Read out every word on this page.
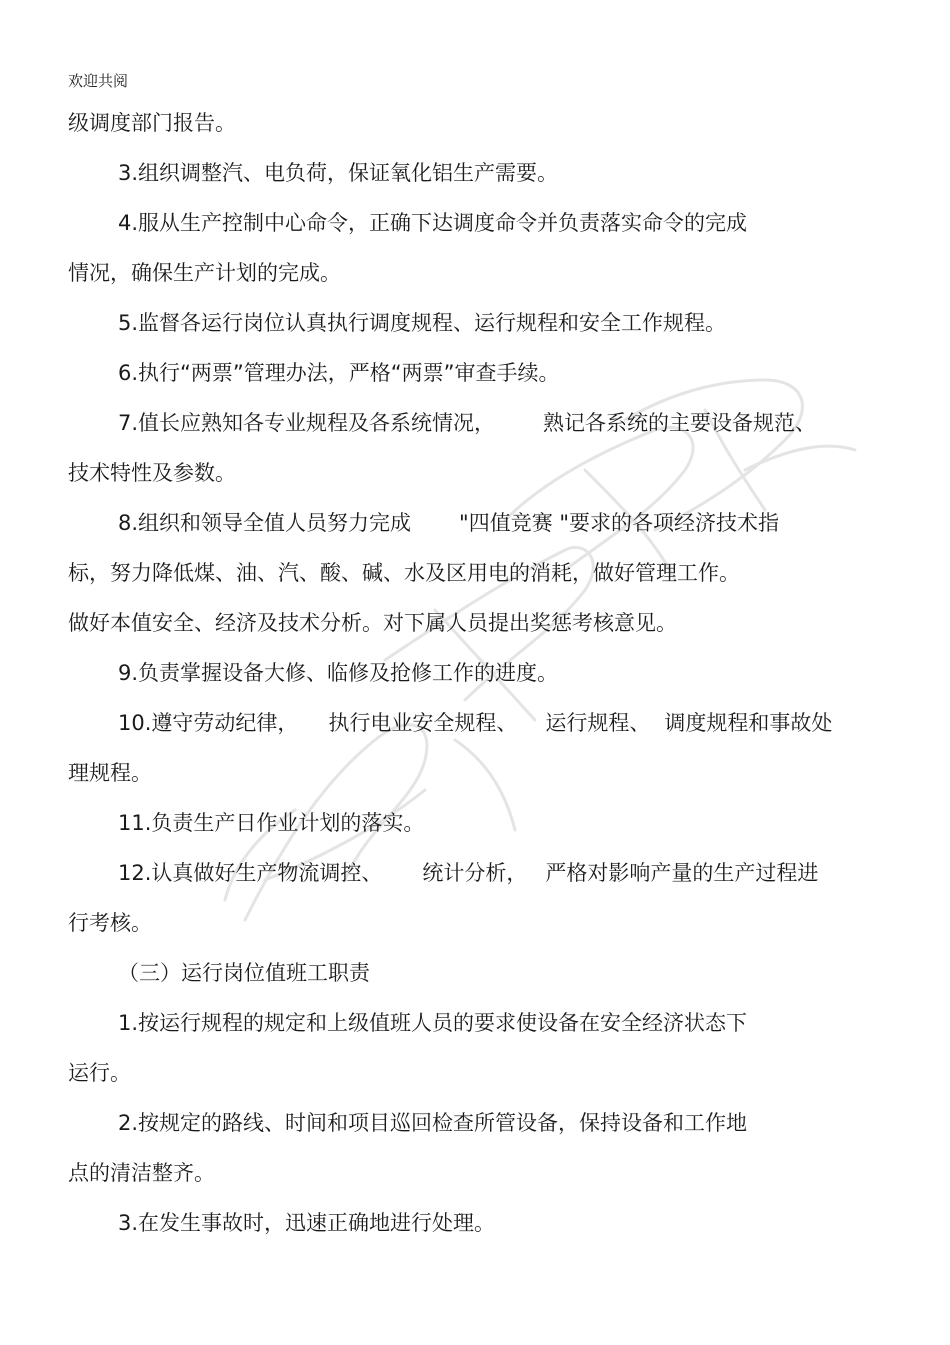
欢迎共阅
级调度部门报告。
3.组织调整汽、电负荷，保证氧化铝生产需要。
4.服从生产控制中心命令，正确下达调度命令并负责落实命令的完成
情况，确保生产计划的完成。
5.监督各运行岗位认真执行调度规程、运行规程和安全工作规程。
6.执行“两票”管理办法，严格“两票”审查手续。
7.值长应熟知各专业规程及各系统情况， 熟记各系统的主要设备规范、
技术特性及参数。
8.组织和领导全值人员努力完成 "四值竞赛 "要求的各项经济技术指
标，努力降低煤、油、汽、酸、碱、水及区用电的消耗，做好管理工作。
做好本值安全、经济及技术分析。对下属人员提出奖惩考核意见。
9.负责掌握设备大修、临修及抢修工作的进度。
10.遵守劳动纪律， 执行电业安全规程、 运行规程、 调度规程和事故处
理规程。
11.负责生产日作业计划的落实。
12.认真做好生产物流调控、 统计分析， 严格对影响产量的生产过程进
行考核。
（三）运行岗位值班工职责
1.按运行规程的规定和上级值班人员的要求使设备在安全经济状态下
运行。
2.按规定的路线、时间和项目巡回检查所管设备，保持设备和工作地
点的清洁整齐。
3.在发生事故时，迅速正确地进行处理。
